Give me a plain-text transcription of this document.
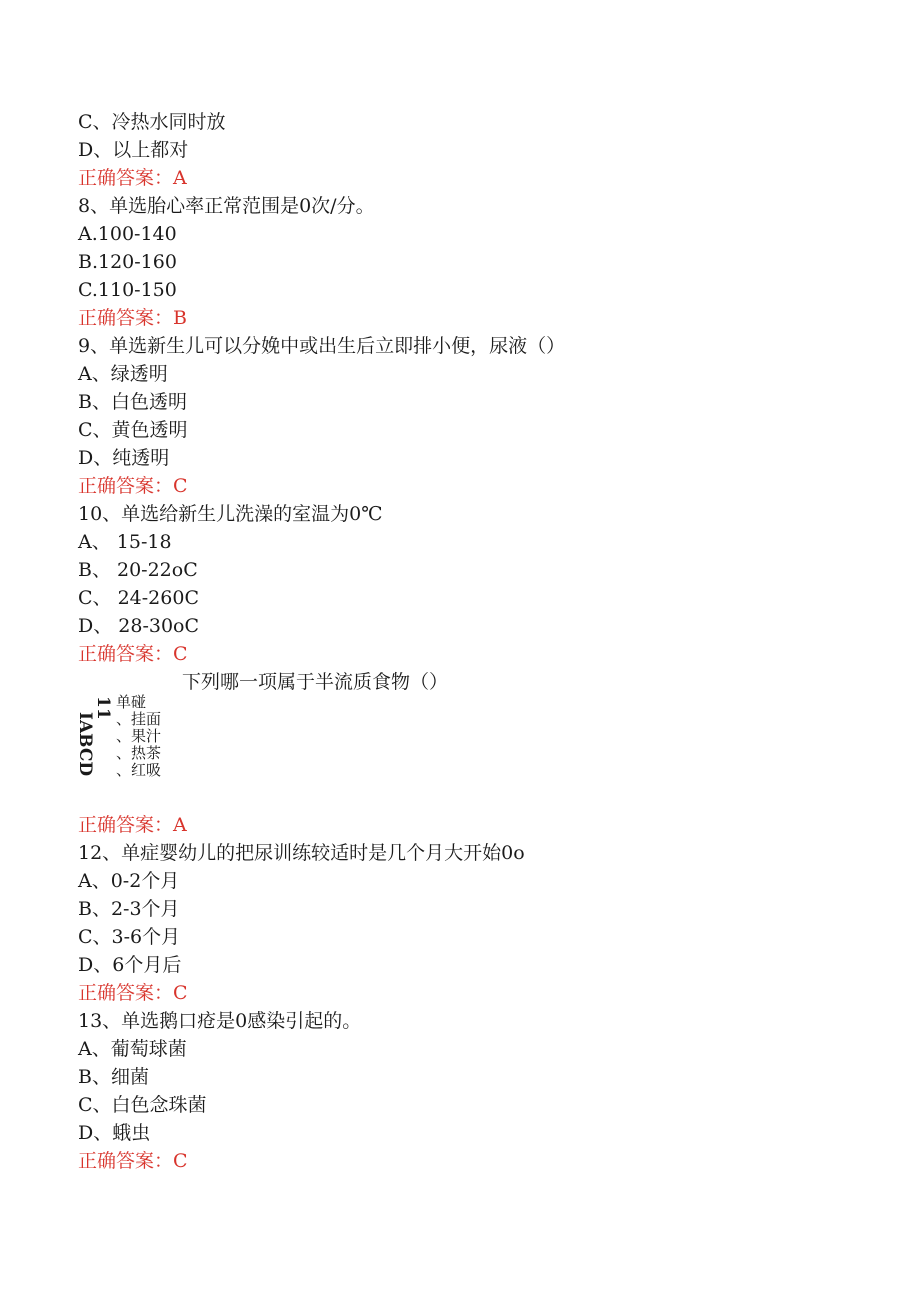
C、冷热水同时放
D、以上都对
正确答案：A
8、单选胎心率正常范围是0次/分。
A.100-140
B.120-160
C.110-150
正确答案：B
9、单选新生儿可以分娩中或出生后立即排小便，尿液（）
A、绿透明
B、白色透明
C、黄色透明
D、纯透明
正确答案：C
10、单选给新生儿洗澡的室温为0℃
A、 15-18
B、 20-22oC
C、 24-260C
D、 28-30oC
正确答案：C
下列哪一项属于半流质食物（）
11
IABCD
单碰
、挂面
、果汁
、热茶
、红吸
正确答案：A
12、单症婴幼儿的把尿训练较适时是几个月大开始0o
A、0-2个月
B、2-3个月
C、3-6个月
D、6个月后
正确答案：C
13、单选鹅口疮是0感染引起的。
A、葡萄球菌
B、细菌
C、白色念珠菌
D、蛾虫
正确答案：C
